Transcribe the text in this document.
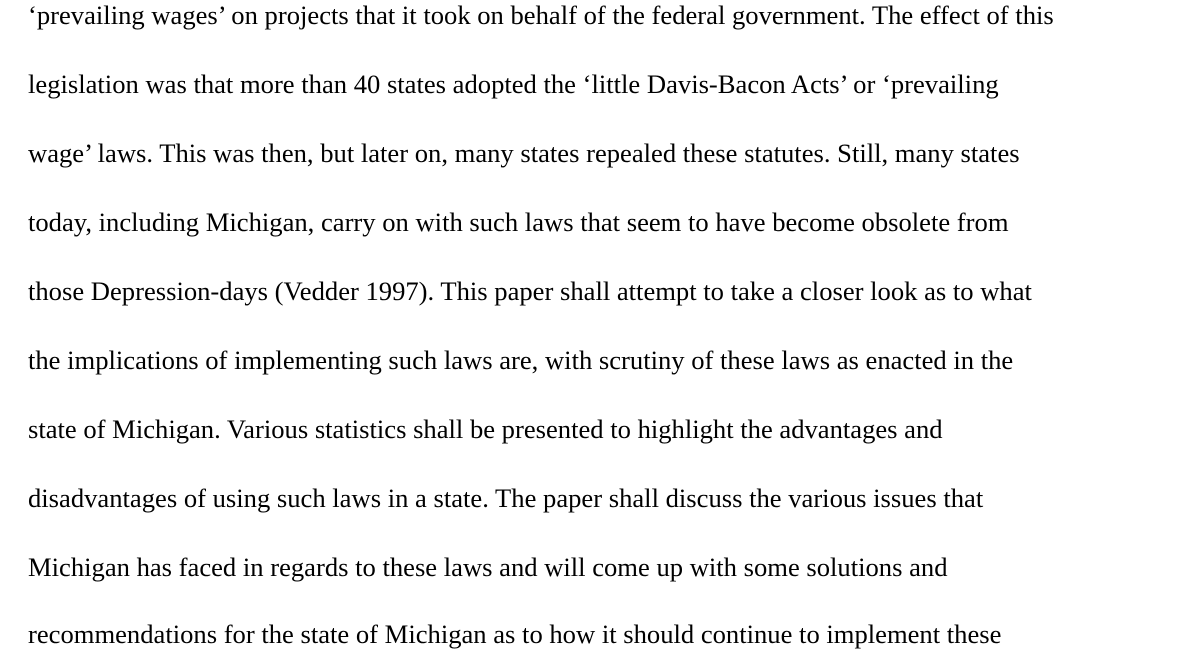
‘prevailing wages’ on projects that it took on behalf of the federal government. The effect of this
legislation was that more than 40 states adopted the ‘little Davis-Bacon Acts’ or ‘prevailing
wage’ laws. This was then, but later on, many states repealed these statutes. Still, many states
today, including Michigan, carry on with such laws that seem to have become obsolete from
those Depression-days (Vedder 1997). This paper shall attempt to take a closer look as to what
the implications of implementing such laws are, with scrutiny of these laws as enacted in the
state of Michigan. Various statistics shall be presented to highlight the advantages and
disadvantages of using such laws in a state. The paper shall discuss the various issues that
Michigan has faced in regards to these laws and will come up with some solutions and
recommendations for the state of Michigan as to how it should continue to implement these
